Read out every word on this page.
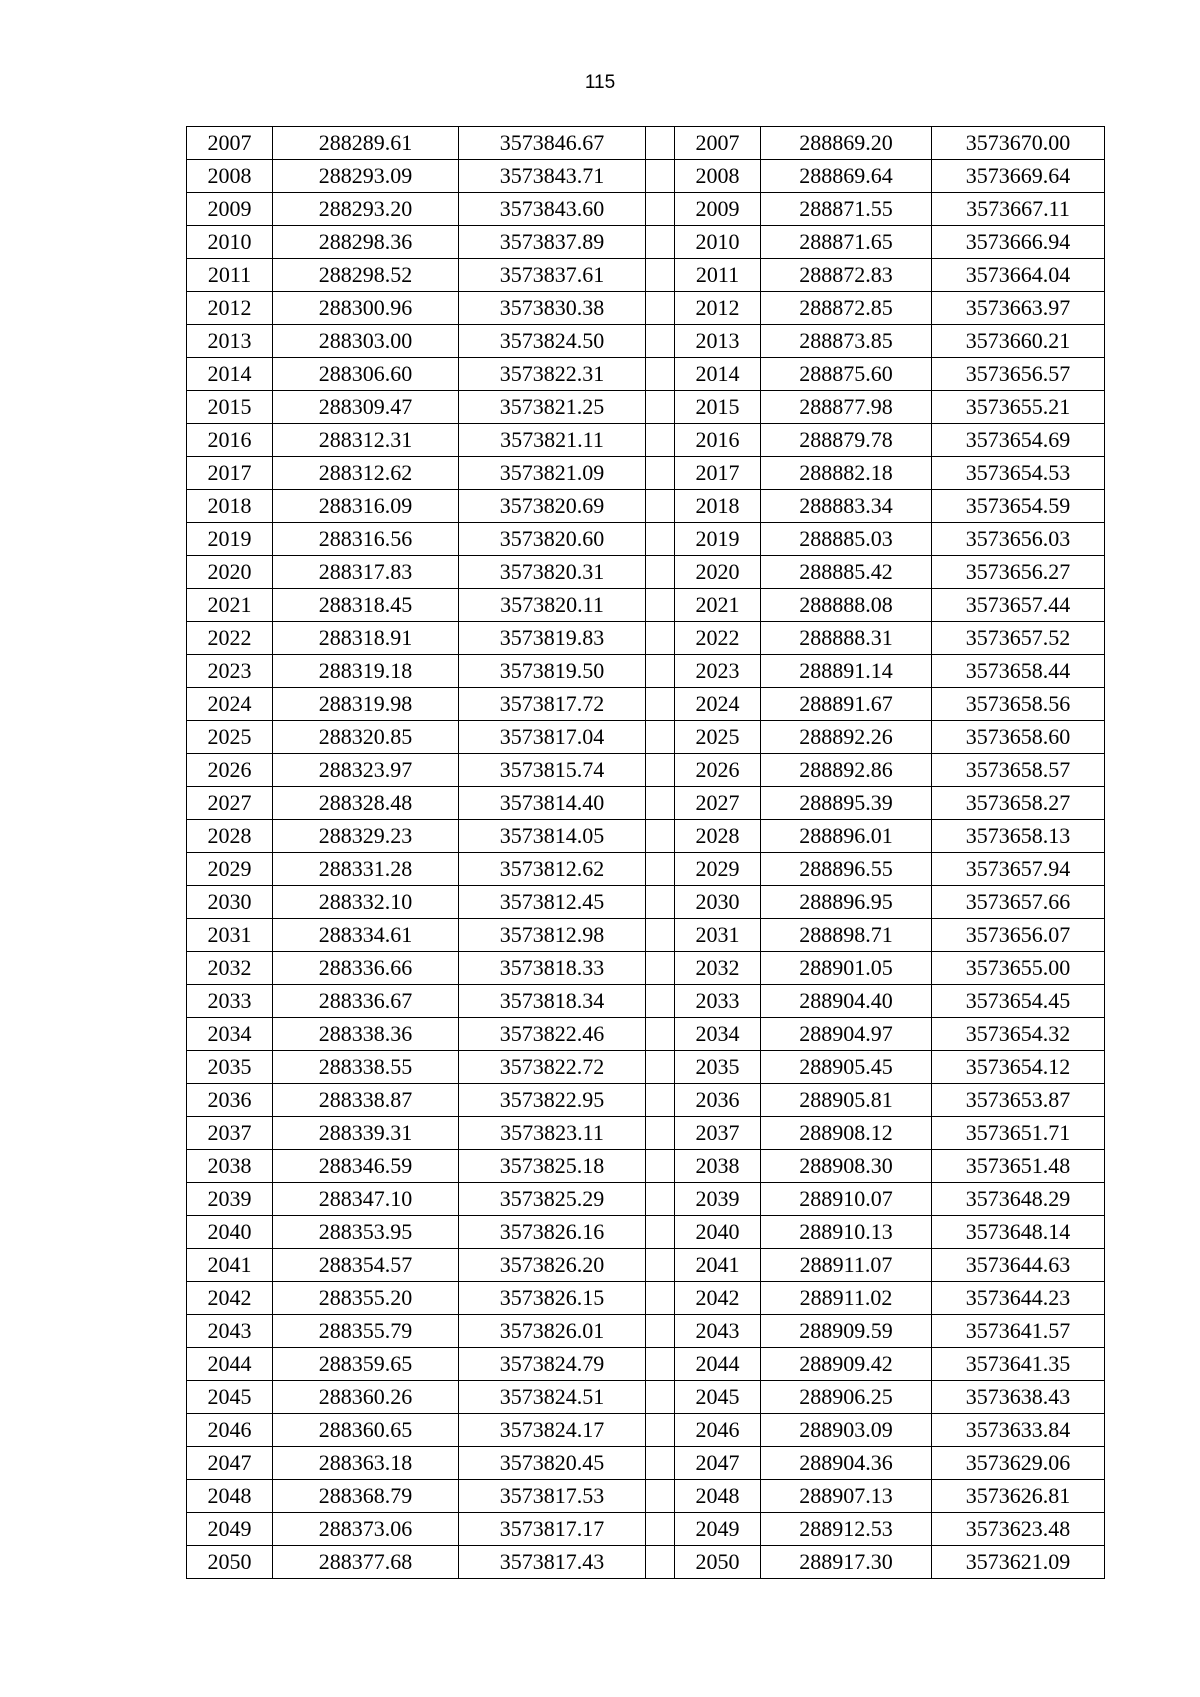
115
2007	288289.61	3573846.67		2007	288869.20	3573670.00
2008	288293.09	3573843.71		2008	288869.64	3573669.64
2009	288293.20	3573843.60		2009	288871.55	3573667.11
2010	288298.36	3573837.89		2010	288871.65	3573666.94
2011	288298.52	3573837.61		2011	288872.83	3573664.04
2012	288300.96	3573830.38		2012	288872.85	3573663.97
2013	288303.00	3573824.50		2013	288873.85	3573660.21
2014	288306.60	3573822.31		2014	288875.60	3573656.57
2015	288309.47	3573821.25		2015	288877.98	3573655.21
2016	288312.31	3573821.11		2016	288879.78	3573654.69
2017	288312.62	3573821.09		2017	288882.18	3573654.53
2018	288316.09	3573820.69		2018	288883.34	3573654.59
2019	288316.56	3573820.60		2019	288885.03	3573656.03
2020	288317.83	3573820.31		2020	288885.42	3573656.27
2021	288318.45	3573820.11		2021	288888.08	3573657.44
2022	288318.91	3573819.83		2022	288888.31	3573657.52
2023	288319.18	3573819.50		2023	288891.14	3573658.44
2024	288319.98	3573817.72		2024	288891.67	3573658.56
2025	288320.85	3573817.04		2025	288892.26	3573658.60
2026	288323.97	3573815.74		2026	288892.86	3573658.57
2027	288328.48	3573814.40		2027	288895.39	3573658.27
2028	288329.23	3573814.05		2028	288896.01	3573658.13
2029	288331.28	3573812.62		2029	288896.55	3573657.94
2030	288332.10	3573812.45		2030	288896.95	3573657.66
2031	288334.61	3573812.98		2031	288898.71	3573656.07
2032	288336.66	3573818.33		2032	288901.05	3573655.00
2033	288336.67	3573818.34		2033	288904.40	3573654.45
2034	288338.36	3573822.46		2034	288904.97	3573654.32
2035	288338.55	3573822.72		2035	288905.45	3573654.12
2036	288338.87	3573822.95		2036	288905.81	3573653.87
2037	288339.31	3573823.11		2037	288908.12	3573651.71
2038	288346.59	3573825.18		2038	288908.30	3573651.48
2039	288347.10	3573825.29		2039	288910.07	3573648.29
2040	288353.95	3573826.16		2040	288910.13	3573648.14
2041	288354.57	3573826.20		2041	288911.07	3573644.63
2042	288355.20	3573826.15		2042	288911.02	3573644.23
2043	288355.79	3573826.01		2043	288909.59	3573641.57
2044	288359.65	3573824.79		2044	288909.42	3573641.35
2045	288360.26	3573824.51		2045	288906.25	3573638.43
2046	288360.65	3573824.17		2046	288903.09	3573633.84
2047	288363.18	3573820.45		2047	288904.36	3573629.06
2048	288368.79	3573817.53		2048	288907.13	3573626.81
2049	288373.06	3573817.17		2049	288912.53	3573623.48
2050	288377.68	3573817.43		2050	288917.30	3573621.09
